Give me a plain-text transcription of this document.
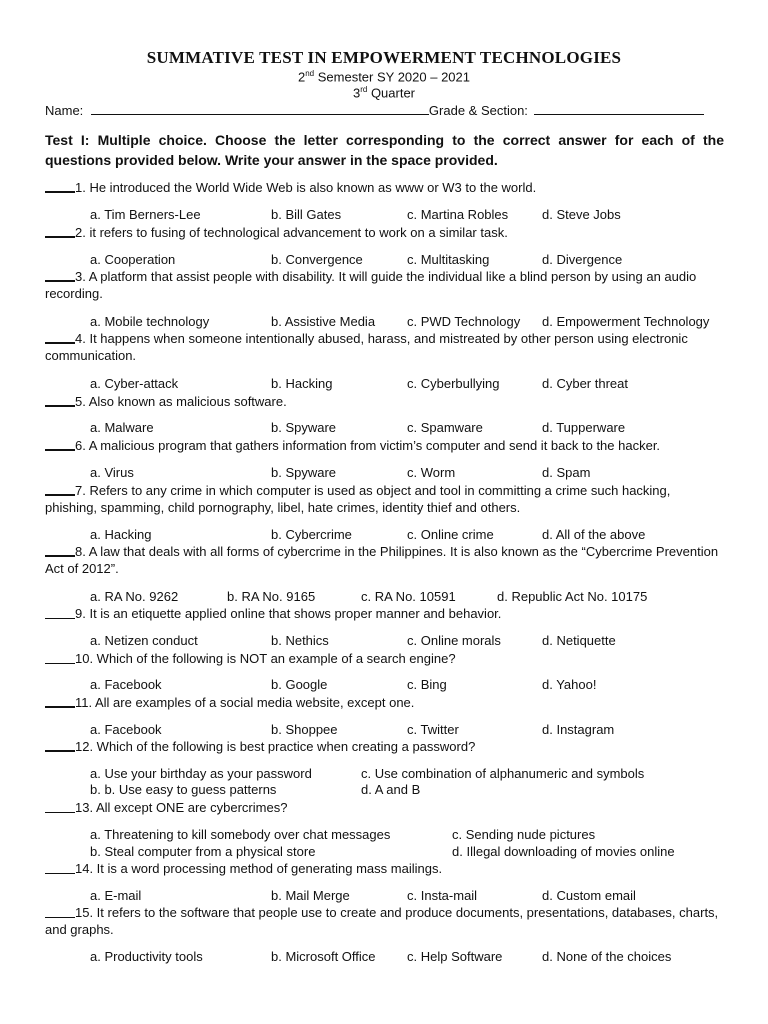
SUMMATIVE TEST IN EMPOWERMENT TECHNOLOGIES
2nd Semester SY 2020 – 2021
3rd Quarter
Name:	Grade & Section:
Test I: Multiple choice. Choose the letter corresponding to the correct answer for each of the questions provided below. Write your answer in the space provided.
1. He introduced the World Wide Web is also known as www or W3 to the world.
a. Tim Berners-Lee	b. Bill Gates	c. Martina Robles	d. Steve Jobs
2. it refers to fusing of technological advancement to work on a similar task.
a. Cooperation	b. Convergence	c. Multitasking	d. Divergence
3. A platform that assist people with disability. It will guide the individual like a blind person by using an audio recording.
a. Mobile technology	b. Assistive Media c. PWD Technology d. Empowerment Technology
4. It happens when someone intentionally abused, harass, and mistreated by other person using electronic communication.
a. Cyber-attack	b. Hacking	c. Cyberbullying	d. Cyber threat
5. Also known as malicious software.
a. Malware	b. Spyware	c. Spamware	d. Tupperware
6. A malicious program that gathers information from victim’s computer and send it back to the hacker.
a. Virus	b. Spyware	c. Worm	d. Spam
7. Refers to any crime in which computer is used as object and tool in committing a crime such hacking, phishing, spamming, child pornography, libel, hate crimes, identity thief and others.
a. Hacking	b. Cybercrime	c. Online crime	d. All of the above
8. A law that deals with all forms of cybercrime in the Philippines. It is also known as the “Cybercrime Prevention Act of 2012”.
a. RA No. 9262	b. RA No. 9165	c. RA No. 10591	d. Republic Act No. 10175
9. It is an etiquette applied online that shows proper manner and behavior.
a. Netizen conduct	b. Nethics	c. Online morals	d. Netiquette
10. Which of the following is NOT an example of a search engine?
a. Facebook	b. Google	c. Bing	d. Yahoo!
11. All are examples of a social media website, except one.
a. Facebook	b. Shoppee	c. Twitter	d. Instagram
12. Which of the following is best practice when creating a password?
a. Use your birthday as your password	c. Use combination of alphanumeric and symbols
b. b. Use easy to guess patterns	d. A and B
13. All except ONE are cybercrimes?
a. Threatening to kill somebody over chat messages	c. Sending nude pictures
b. Steal computer from a physical store	d. Illegal downloading of movies online
14. It is a word processing method of generating mass mailings.
a. E-mail	b. Mail Merge	c. Insta-mail	d. Custom email
15. It refers to the software that people use to create and produce documents, presentations, databases, charts, and graphs.
a. Productivity tools	b. Microsoft Office c. Help Software	d. None of the choices
